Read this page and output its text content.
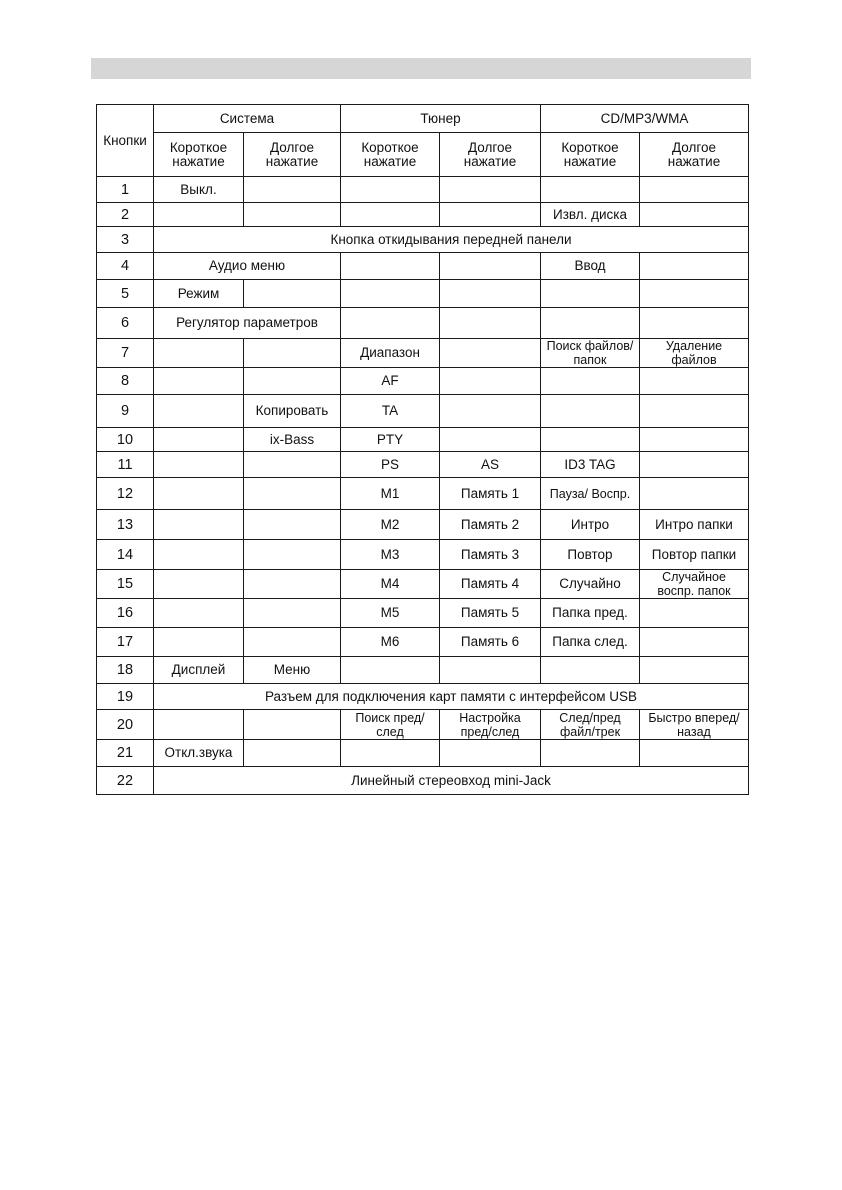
Кнопки	Система		Тюнер		CD/MP3/WMA	
	Короткое нажатие	Долгое нажатие	Короткое нажатие	Долгое нажатие	Короткое нажатие	Долгое нажатие
1	Выкл.					
2					Извл. диска	
3	Кнопка откидывания передней панели					
4	Аудио меню				Ввод	
5	Режим					
6	Регулятор параметров					
7			Диапазон		Поиск файлов/папок	Удаление файлов
8			AF			
9		Копировать	TA			
10		ix-Bass	PTY			
11			PS	AS	ID3 TAG	
12			M1	Память 1	Пауза/ Воспр.	
13			M2	Память 2	Интро	Интро папки
14			M3	Память 3	Повтор	Повтор папки
15			M4	Память 4	Случайно	Случайное воспр. папок
16			M5	Память 5	Папка пред.	
17			M6	Память 6	Папка след.	
18	Дисплей	Меню				
19	Разъем для подключения карт памяти с интерфейсом USB					
20			Поиск пред/след	Настройка пред/след	След/пред файл/трек	Быстро вперед/назад
21	Откл.звука					
22	Линейный стереовход mini-Jack					
